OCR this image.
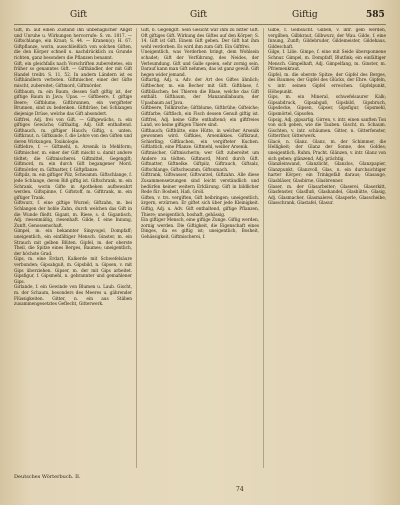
Gift	Gift	Giftig	585

Gift, m. auf einen Zustand ihn unbehaglicher Angst und Unruhe u. Wirkungen hervorrufe: S. vn. 1817. — Giftschlange, ein Kraut; S. 44. — Kranen(s); H. 67. Giftpflanze, worin, ausschließlich von solchen Giften, die den Körper schnell u. nachdrücklich zu Grunde richten, ganz besonders die Pflanzen benannt.

Gift, ein gleichfalls nach Vorschriften zubereitetes, ein früher so genanntes Gift. — Gifthändler, der mit Gift Handel treibt: S. 11, 52. In andern Ländern ist es Gifthändlern verboten. Giftmischer, einer der Gifte mischt, zubereitet; Giftmord, Giftmörder.

Giftbaum, m. ein Baum, dessen Saft giftig ist, der giftige Baum in Java; Upas. — Giftbeere, f. giftige Beere; Giftblume, Giftbrunnen, ein vergifteter Brunnen, sind zu bedenken. Giftdrüse, bei Schlangen diejenige Drüse, welche das Gift absondert.

Giftfrei, Adj. frei von Gift. — Giftgewächs, n. ein giftiges Gewächs; Gifthaltig, Adj. Gift enthaltend. Gifthauch, m. giftiger Hauch; Giftig, s. unten. Giftkraut, n. Giftkunde, f. die Lehre von den Giften und deren Wirkungen, Toxikologie.

Giftlehre, f. — Giftmehl, n. Arsenik in Mehlform; Giftmischer, m. einer der Gift mischt u. damit andere tödtet; die Giftmischerei. Giftmittel, Gegengift; Giftmord, m. ein durch Gift begangener Mord. Giftmörder, m. Giftnatter, f. Giftpflanze.

Giftpilz, m. ein giftiger Pilz, Schwamm. Giftschlange, f. jede Schlange, deren Biß giftig ist. Giftschrank, m. ein Schrank, worin Gifte in Apotheken aufbewahrt werden. Giftspinne, f. Giftstoff, m. Gifttrank, m. ein giftiger Trank.

Giftwurz, f. eine giftige Wurzel; Giftzahn, m. bei Schlangen der hohle Zahn, durch welchen das Gift in die Wunde fließt. Gigant, m. Riese, s. d. Gigantisch, Adj. riesenmäßig, riesenhaft. Gilde, f. eine Innung, Zunft, Genossenschaft.

Gimpel, m. ein bekannter Singvogel, Dompfaff; uneigentlich, ein einfältiger Mensch. Ginster, m. ein Strauch mit gelben Blüten. Gipfel, m. der oberste Theil, die Spitze eines Berges, Baumes; uneigentlich, der höchste Grad.

Gips, m. eine Erdart, Kalkerde mit Schwefelsäure verbunden; Gipsabguß, m. Gipsbild, n. Gipsen, v. mit Gips überziehen. Gipser, m. der mit Gips arbeitet. Gipsfigur, f. Gipsmehl, n. gebrannter und gemahlener Gips.

Girlande, f. ein Gewinde von Blumen u. Laub. Gischt, m. der Schaum, besonders des Meeres u. gährender Flüssigkeiten. Gitter, n. ein aus Stäben zusammengesetztes Geflecht, Gitterwerk.

Gift, n. Gegengift. Sein Gesicht war ihm zu bitter Gift. Oft giftiges Gift. Wirkung des Giftes auf den Körper; S. 14. Gift ist Gift. Einem Gift geben. Der Gift hat ihm wohl verdorben. Es wird ihm zum Gift. Ein Giftfrei.

Uneigentlich, was Verderben bringt, dem Wohlsein schadet; Gift der Verführung, des Neides, der Verleumdung. Gift und Galle speien, sehr zornig sein. Darauf kann man Gift nehmen, das ist ganz gewiß. Gift hegen wider jemand.

Giftartig, Adj. u. Adv. der Art des Giftes ähnlich; Giftbecher, m. ein Becher mit Gift. Giftblase, f. Giftbläschen; bei Thieren die Blase, welche das Gift enthält. Giftbaum, der Manzanillabaum; der Upasbaum auf Java.

Giftbeere, Tollkirsche; Giftblume, Giftbrühe; Gifteiche; Giftfarbe; Giftfisch, ein Fisch dessen Genuß giftig ist. Giftfrei, Adj. keine Gifte enthaltend; ein giftfreies Land, wo keine giftigen Thiere sind.

Gifthauch; Gifthütte, eine Hütte, in welcher Arsenik gewonnen wird. Giftkies, Arsenikkies. Giftkraut, Schierling; Giftkuchen, ein vergifteter Kuchen. Giftlattich, eine Pflanze. Giftmehl, weißer Arsenik.

Giftmischer, Giftmischerin; wer Gift zubereitet um Andere zu tödten. Giftmord, Mord durch Gift. Giftnatter, Giftnelke. Giftpilz, Giftrauch, Giftsalz, Giftschlange, Giftschwamm, Giftsumach.

Gifttrank, Giftwasser, Giftwurzel, Giftzahn. Alle diese Zusammensetzungen sind leicht verständlich und bedürfen keiner weitern Erklärung. Gift in bildlicher Rede für: Bosheit, Haß, Groll.

Giften, v. trs. vergiften, Gift beibringen; uneigentlich, ärgern, erzürnen. Er giftet sich über jede Kleinigkeit. Giftig, Adj. u. Adv. Gift enthaltend, giftige Pflanzen, Thiere; uneigentlich, boshaft, gehässig.

Ein giftiger Mensch, eine giftige Zunge. Giftig werden, zornig werden. Die Giftigkeit, die Eigenschaft eines Dinges, da es giftig ist; uneigentlich, Bosheit, Gehässigkeit. Giftmischerei, f.

Gilbe, f. Gelbsucht. Gilben, v. intr. gelb werden, vergilben. Gilbkraut, Gilbwurz, der Wau. Gilde, f. eine Innung, Zunft; Gildebruder, Gildemeister, Gildehaus, Gildeschaft.

Gilge, f. Lilie. Gimpe, f. eine mit Seide übersponnene Schnur. Gimpel, m. Dompfaff, Blutfink; ein einfältiger Mensch. Gimpelhaft, Adj. Gimpelfang, m. Ginster, m. Pfriemenkraut.

Gipfel, m. die oberste Spitze; der Gipfel des Berges, des Baumes; der Gipfel des Glücks, der Ehre. Gipfeln, v. intr. seinen Gipfel erreichen. Gipfelpunkt, Höhepunkt.

Gips, m. ein Mineral, schwefelsaurer Kalk; Gipsabdruck, Gipsabguß, Gipsbild, Gipsbruch, Gipsdecke, Gipsen, Gipser, Gipsfigur, Gipsmehl, Gipsmörtel, Gipsofen.

Gipsig, Adj. gipsartig. Girren, v. intr. einen sanften Ton von sich geben, wie die Tauben. Gischt, m. Schaum. Gischten, v. intr. schäumen. Gitter, n. Gitterfenster, Gitterthor, Gitterwerk.

Glacé, n. Glanz. Glanz, m. der Schimmer, die Helligkeit; der Glanz der Sonne, des Goldes; uneigentlich, Ruhm, Pracht. Glänzen, v. intr. Glanz von sich geben; glänzend, Adj. prächtig.

Glanzleinwand, Glanzlicht, Glanzlos, Glanzpapier, Glanzpunkt, Glanzvoll. Glas, n. ein durchsichtiger harter Körper; ein Trinkgefäß daraus; Glasauge, Glasbläser, Glasbirne, Glasbrenner.

Glaser, m. der Glasarbeiter; Glaserei, Glaserkitt, Glasfenster, Glasfluß, Glashandel, Glashütte, Glasig, Adj. Glasmacher, Glasmalerei, Glasperle, Glasscheibe, Glasschrank, Glastafel, Glasur.

Deutsches Wörterbuch. II.
74
